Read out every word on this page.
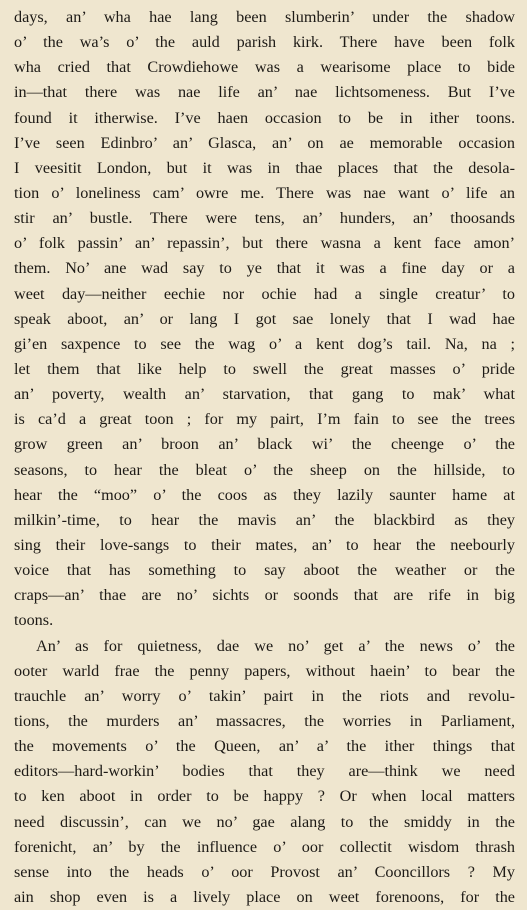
days, an’ wha hae lang been slumberin’ under the shadow
o’ the wa’s o’ the auld parish kirk. There have been folk
wha cried that Crowdiehowe was a wearisome place to bide
in—that there was nae life an’ nae lichtsomeness. But I’ve
found it itherwise. I’ve haen occasion to be in ither toons.
I’ve seen Edinbro’ an’ Glasca, an’ on ae memorable occasion
I veesitit London, but it was in thae places that the desola-
tion o’ loneliness cam’ owre me. There was nae want o’ life an
stir an’ bustle. There were tens, an’ hunders, an’ thoosands
o’ folk passin’ an’ repassin’, but there wasna a kent face amon’
them. No’ ane wad say to ye that it was a fine day or a
weet day—neither eechie nor ochie had a single creatur’ to
speak aboot, an’ or lang I got sae lonely that I wad hae
gi’en saxpence to see the wag o’ a kent dog’s tail. Na, na ;
let them that like help to swell the great masses o’ pride
an’ poverty, wealth an’ starvation, that gang to mak’ what
is ca’d a great toon ; for my pairt, I’m fain to see the trees
grow green an’ broon an’ black wi’ the cheenge o’ the
seasons, to hear the bleat o’ the sheep on the hillside, to
hear the “moo” o’ the coos as they lazily saunter hame at
milkin’-time, to hear the mavis an’ the blackbird as they
sing their love-sangs to their mates, an’ to hear the neebourly
voice that has something to say aboot the weather or the
craps—an’ thae are no’ sichts or soonds that are rife in big
toons.
An’ as for quietness, dae we no’ get a’ the news o’ the
ooter warld frae the penny papers, without haein’ to bear the
trauchle an’ worry o’ takin’ pairt in the riots and revolu-
tions, the murders an’ massacres, the worries in Parliament,
the movements o’ the Queen, an’ a’ the ither things that
editors—hard-workin’ bodies that they are—think we need
to ken aboot in order to be happy ? Or when local matters
need discussin’, can we no’ gae alang to the smiddy in the
forenicht, an’ by the influence o’ oor collectit wisdom thrash
sense into the heads o’ oor Provost an’ Cooncillors ? My
ain shop even is a lively place on weet forenoons, for the
